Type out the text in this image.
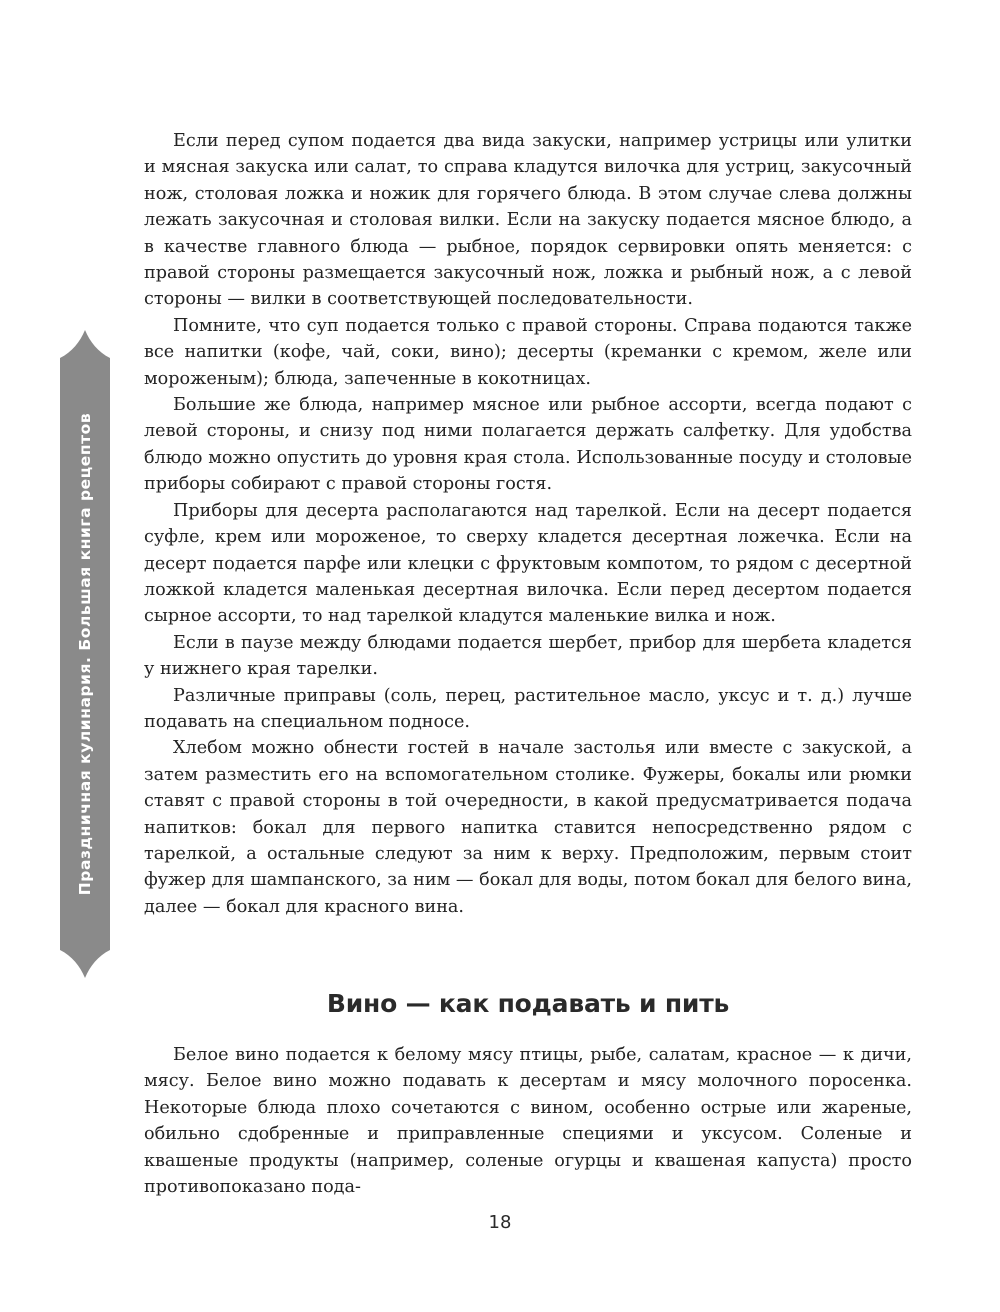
Праздничная кулинария. Большая книга рецептов

Если перед супом подается два вида закуски, например устрицы или улитки и мясная закуска или салат, то справа кладутся вилочка для устриц, закусочный нож, столовая ложка и ножик для горячего блюда. В этом случае слева должны лежать закусочная и столовая вилки. Если на закуску подается мясное блюдо, а в качестве главного блюда — рыбное, порядок сервировки опять меняется: с правой стороны размещается закусочный нож, ложка и рыбный нож, а с левой стороны — вилки в соответствующей последовательности.

Помните, что суп подается только с правой стороны. Справа подаются также все напитки (кофе, чай, соки, вино); десерты (креманки с кремом, желе или мороженым); блюда, запеченные в кокотницах.

Большие же блюда, например мясное или рыбное ассорти, всегда подают с левой стороны, и снизу под ними полагается держать салфетку. Для удобства блюдо можно опустить до уровня края стола. Использованные посуду и столовые приборы собирают с правой стороны гостя.

Приборы для десерта располагаются над тарелкой. Если на десерт подается суфле, крем или мороженое, то сверху кладется десертная ложечка. Если на десерт подается парфе или клецки с фруктовым компотом, то рядом с десертной ложкой кладется маленькая десертная вилочка. Если перед десертом подается сырное ассорти, то над тарелкой кладутся маленькие вилка и нож.

Если в паузе между блюдами подается шербет, прибор для шербета кладется у нижнего края тарелки.

Различные приправы (соль, перец, растительное масло, уксус и т. д.) лучше подавать на специальном подносе.

Хлебом можно обнести гостей в начале застолья или вместе с закуской, а затем разместить его на вспомогательном столике. Фужеры, бокалы или рюмки ставят с правой стороны в той очередности, в какой предусматривается подача напитков: бокал для первого напитка ставится непосредственно рядом с тарелкой, а остальные следуют за ним к верху. Предположим, первым стоит фужер для шампанского, за ним — бокал для воды, потом бокал для белого вина, далее — бокал для красного вина.

Вино — как подавать и пить

Белое вино подается к белому мясу птицы, рыбе, салатам, красное — к дичи, мясу. Белое вино можно подавать к десертам и мясу молочного поросенка. Некоторые блюда плохо сочетаются с вином, особенно острые или жареные, обильно сдобренные и приправленные специями и уксусом. Соленые и квашеные продукты (например, соленые огурцы и квашеная капуста) просто противопоказано пода-

18
